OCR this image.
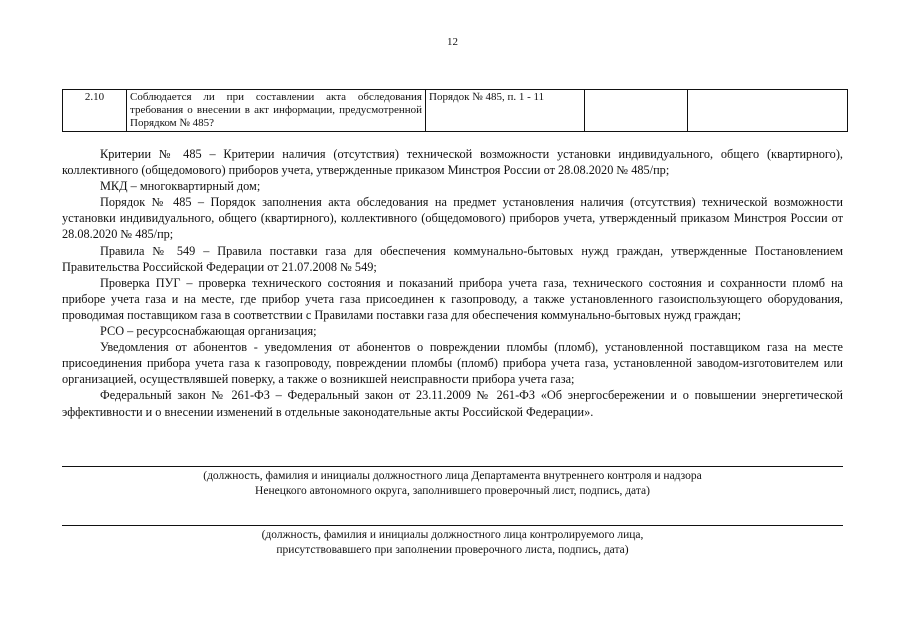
12
2.10	Соблюдается ли при составлении акта обследования требования о внесении в акт информации, предусмотренной Порядком № 485?	Порядок № 485, п. 1 - 11		

Критерии № 485 – Критерии наличия (отсутствия) технической возможности установки индивидуального, общего (квартирного), коллективного (общедомового) приборов учета, утвержденные приказом Минстроя России от 28.08.2020 № 485/пр;

МКД – многоквартирный дом;

Порядок № 485 – Порядок заполнения акта обследования на предмет установления наличия (отсутствия) технической возможности установки индивидуального, общего (квартирного), коллективного (общедомового) приборов учета, утвержденный приказом Минстроя России от 28.08.2020 № 485/пр;

Правила № 549 – Правила поставки газа для обеспечения коммунально-бытовых нужд граждан, утвержденные Постановлением Правительства Российской Федерации от 21.07.2008 № 549;

Проверка ПУГ – проверка технического состояния и показаний прибора учета газа, технического состояния и сохранности пломб на приборе учета газа и на месте, где прибор учета газа присоединен к газопроводу, а также установленного газоиспользующего оборудования, проводимая поставщиком газа в соответствии с Правилами поставки газа для обеспечения коммунально-бытовых нужд граждан;

РСО – ресурсоснабжающая организация;

Уведомления от абонентов - уведомления от абонентов о повреждении пломбы (пломб), установленной поставщиком газа на месте присоединения прибора учета газа к газопроводу, повреждении пломбы (пломб) прибора учета газа, установленной заводом-изготовителем или организацией, осуществлявшей поверку, а также о возникшей неисправности прибора учета газа;

Федеральный закон № 261-ФЗ – Федеральный закон от 23.11.2009 № 261-ФЗ «Об энергосбережении и о повышении энергетической эффективности и о внесении изменений в отдельные законодательные акты Российской Федерации».

(должность, фамилия и инициалы должностного лица Департамента внутреннего контроля и надзора
Ненецкого автономного округа, заполнившего проверочный лист, подпись, дата)
(должность, фамилия и инициалы должностного лица контролируемого лица,
присутствовавшего при заполнении проверочного листа, подпись, дата)
